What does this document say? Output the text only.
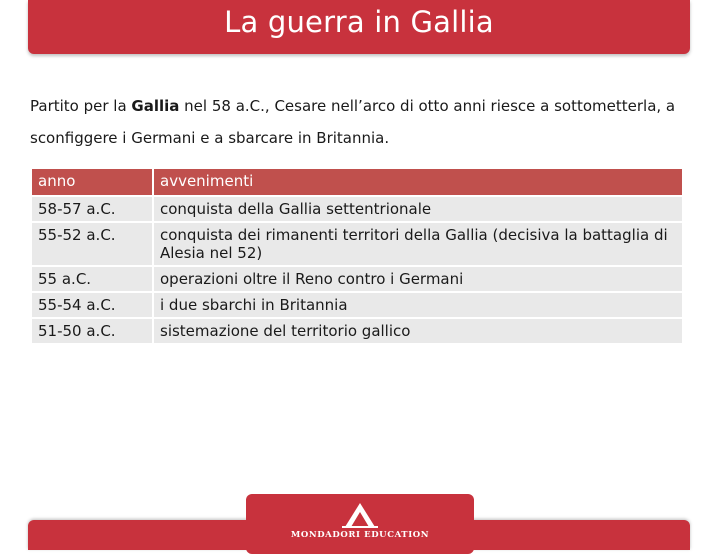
La guerra in Gallia

Partito per la Gallia nel 58 a.C., Cesare nell’arco di otto anni riesce a sottometterla, a sconfiggere i Germani e a sbarcare in Britannia.

anno	avvenimenti
58-57 a.C.	conquista della Gallia settentrionale
55-52 a.C.	conquista dei rimanenti territori della Gallia (decisiva la battaglia di Alesia nel 52)
55 a.C.	operazioni oltre il Reno contro i Germani
55-54 a.C.	i due sbarchi in Britannia
51-50 a.C.	sistemazione del territorio gallico
MONDADORI EDUCATION
